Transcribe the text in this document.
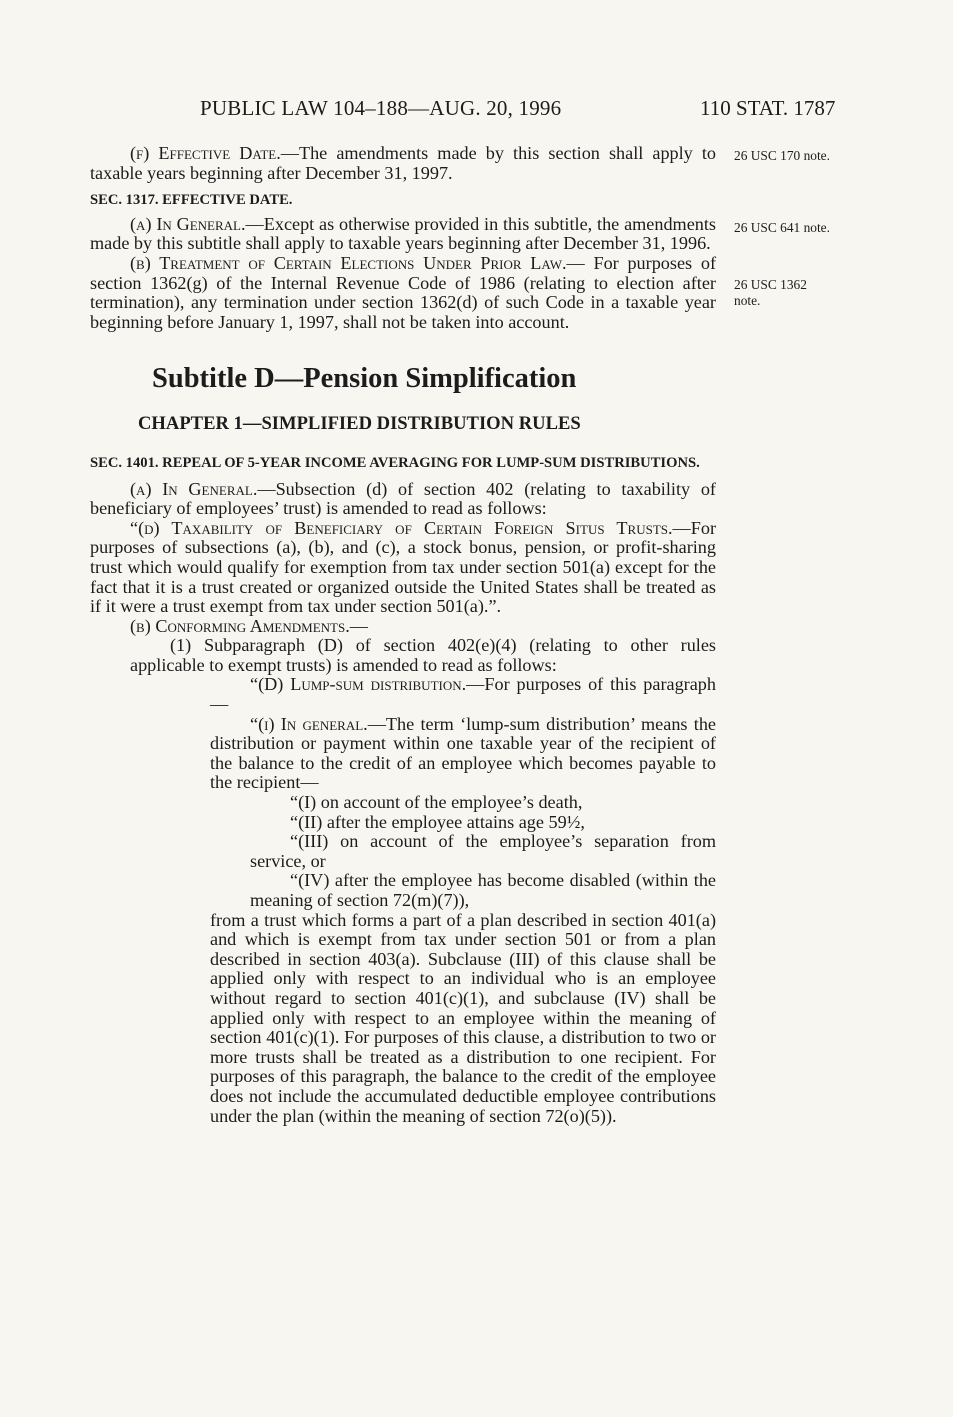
PUBLIC LAW 104–188—AUG. 20, 1996	110 STAT. 1787
26 USC 170 note.
26 USC 641 note.
26 USC 1362 note.

(f) Effective Date.—The amendments made by this section shall apply to taxable years beginning after December 31, 1997.

SEC. 1317. EFFECTIVE DATE.

(a) In General.—Except as otherwise provided in this subtitle, the amendments made by this subtitle shall apply to taxable years beginning after December 31, 1996.

(b) Treatment of Certain Elections Under Prior Law.— For purposes of section 1362(g) of the Internal Revenue Code of 1986 (relating to election after termination), any termination under section 1362(d) of such Code in a taxable year beginning before January 1, 1997, shall not be taken into account.

Subtitle D—Pension Simplification

CHAPTER 1—SIMPLIFIED DISTRIBUTION RULES

SEC. 1401. REPEAL OF 5-YEAR INCOME AVERAGING FOR LUMP-SUM DISTRIBUTIONS.

(a) In General.—Subsection (d) of section 402 (relating to taxability of beneficiary of employees’ trust) is amended to read as follows:

“(d) Taxability of Beneficiary of Certain Foreign Situs Trusts.—For purposes of subsections (a), (b), and (c), a stock bonus, pension, or profit-sharing trust which would qualify for exemption from tax under section 501(a) except for the fact that it is a trust created or organized outside the United States shall be treated as if it were a trust exempt from tax under section 501(a).”.

(b) Conforming Amendments.—

(1) Subparagraph (D) of section 402(e)(4) (relating to other rules applicable to exempt trusts) is amended to read as follows:

“(D) Lump-sum distribution.—For purposes of this paragraph—

“(i) In general.—The term ‘lump-sum distribution’ means the distribution or payment within one taxable year of the recipient of the balance to the credit of an employee which becomes payable to the recipient—

“(I) on account of the employee’s death,

“(II) after the employee attains age 59½,

“(III) on account of the employee’s separation from service, or

“(IV) after the employee has become disabled (within the meaning of section 72(m)(7)),

from a trust which forms a part of a plan described in section 401(a) and which is exempt from tax under section 501 or from a plan described in section 403(a). Subclause (III) of this clause shall be applied only with respect to an individual who is an employee without regard to section 401(c)(1), and subclause (IV) shall be applied only with respect to an employee within the meaning of section 401(c)(1). For purposes of this clause, a distribution to two or more trusts shall be treated as a distribution to one recipient. For purposes of this paragraph, the balance to the credit of the employee does not include the accumulated deductible employee contributions under the plan (within the meaning of section 72(o)(5)).
